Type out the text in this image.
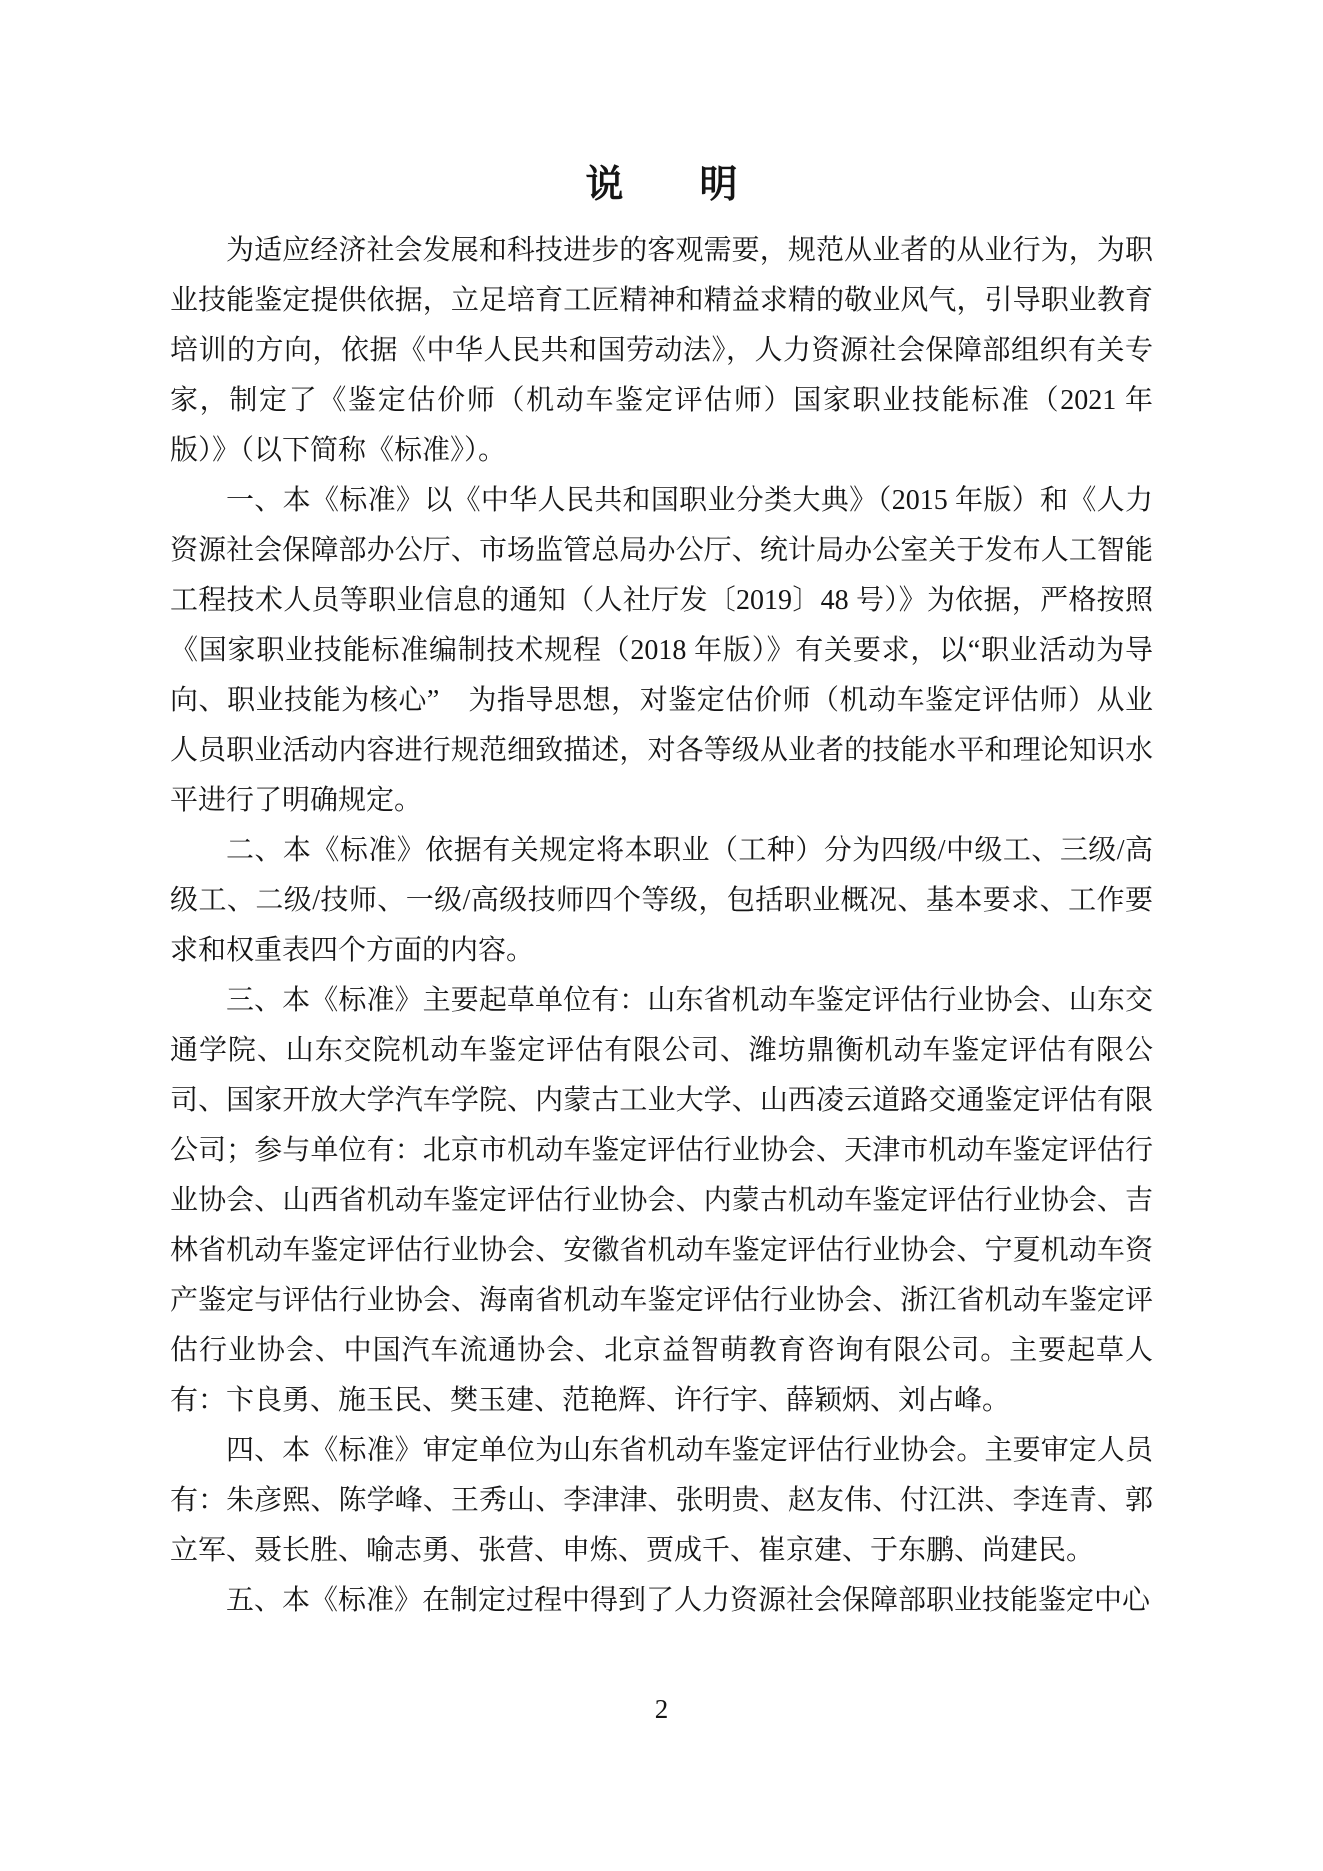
说　　明

为适应经济社会发展和科技进步的客观需要，规范从业者的从业行为，为职业技能鉴定提供依据，立足培育工匠精神和精益求精的敬业风气，引导职业教育培训的方向，依据《中华人民共和国劳动法》，人力资源社会保障部组织有关专家，制定了《鉴定估价师（机动车鉴定评估师）国家职业技能标准（2021 年版）》（以下简称《标准》）。

一、本《标准》以《中华人民共和国职业分类大典》（2015 年版）和《人力资源社会保障部办公厅、市场监管总局办公厅、统计局办公室关于发布人工智能工程技术人员等职业信息的通知（人社厅发〔2019〕48 号）》为依据，严格按照《国家职业技能标准编制技术规程（2018 年版）》有关要求，以“职业活动为导向、职业技能为核心”　为指导思想，对鉴定估价师（机动车鉴定评估师）从业人员职业活动内容进行规范细致描述，对各等级从业者的技能水平和理论知识水平进行了明确规定。

二、本《标准》依据有关规定将本职业（工种）分为四级/中级工、三级/高级工、二级/技师、一级/高级技师四个等级，包括职业概况、基本要求、工作要求和权重表四个方面的内容。

三、本《标准》主要起草单位有：山东省机动车鉴定评估行业协会、山东交通学院、山东交院机动车鉴定评估有限公司、潍坊鼎衡机动车鉴定评估有限公司、国家开放大学汽车学院、内蒙古工业大学、山西凌云道路交通鉴定评估有限公司；参与单位有：北京市机动车鉴定评估行业协会、天津市机动车鉴定评估行业协会、山西省机动车鉴定评估行业协会、内蒙古机动车鉴定评估行业协会、吉林省机动车鉴定评估行业协会、安徽省机动车鉴定评估行业协会、宁夏机动车资产鉴定与评估行业协会、海南省机动车鉴定评估行业协会、浙江省机动车鉴定评估行业协会、中国汽车流通协会、北京益智萌教育咨询有限公司。主要起草人有：卞良勇、施玉民、樊玉建、范艳辉、许行宇、薛颖炳、刘占峰。

四、本《标准》审定单位为山东省机动车鉴定评估行业协会。主要审定人员有：朱彦熙、陈学峰、王秀山、李津津、张明贵、赵友伟、付江洪、李连青、郭立军、聂长胜、喻志勇、张营、申炼、贾成千、崔京建、于东鹏、尚建民。

五、本《标准》在制定过程中得到了人力资源社会保障部职业技能鉴定中心

2
